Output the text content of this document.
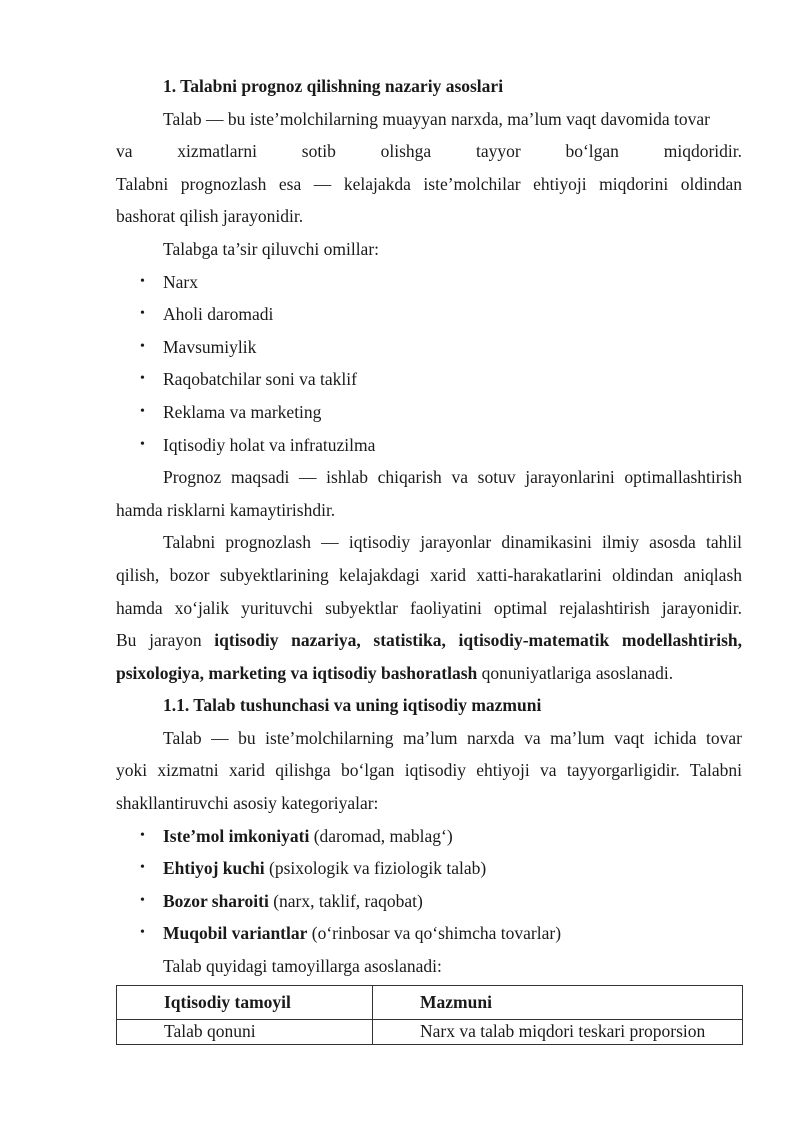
1. Talabni prognoz qilishning nazariy asoslari
Talab — bu iste’molchilarning muayyan narxda, ma’lum vaqt davomida tovar
va xizmatlarni sotib olishga tayyor bo‘lgan miqdoridir.
Talabni prognozlash esa — kelajakda iste’molchilar ehtiyoji miqdorini oldindan
bashorat qilish jarayonidir.
Talabga ta’sir qiluvchi omillar:
• Narx
• Aholi daromadi
• Mavsumiylik
• Raqobatchilar soni va taklif
• Reklama va marketing
• Iqtisodiy holat va infratuzilma
Prognoz maqsadi — ishlab chiqarish va sotuv jarayonlarini optimallashtirish
hamda risklarni kamaytirishdir.
Talabni prognozlash — iqtisodiy jarayonlar dinamikasini ilmiy asosda tahlil
qilish, bozor subyektlarining kelajakdagi xarid xatti-harakatlarini oldindan aniqlash
hamda xo‘jalik yurituvchi subyektlar faoliyatini optimal rejalashtirish jarayonidir.
Bu jarayon iqtisodiy nazariya, statistika, iqtisodiy-matematik modellashtirish,
psixologiya, marketing va iqtisodiy bashoratlash qonuniyatlariga asoslanadi.
1.1. Talab tushunchasi va uning iqtisodiy mazmuni
Talab — bu iste’molchilarning ma’lum narxda va ma’lum vaqt ichida tovar
yoki xizmatni xarid qilishga bo‘lgan iqtisodiy ehtiyoji va tayyorgarligidir. Talabni
shakllantiruvchi asosiy kategoriyalar:
• Iste’mol imkoniyati (daromad, mablag‘)
• Ehtiyoj kuchi (psixologik va fiziologik talab)
• Bozor sharoiti (narx, taklif, raqobat)
• Muqobil variantlar (o‘rinbosar va qo‘shimcha tovarlar)
Talab quyidagi tamoyillarga asoslanadi:
Iqtisodiy tamoyil	Mazmuni
Talab qonuni	Narx va talab miqdori teskari proporsion
